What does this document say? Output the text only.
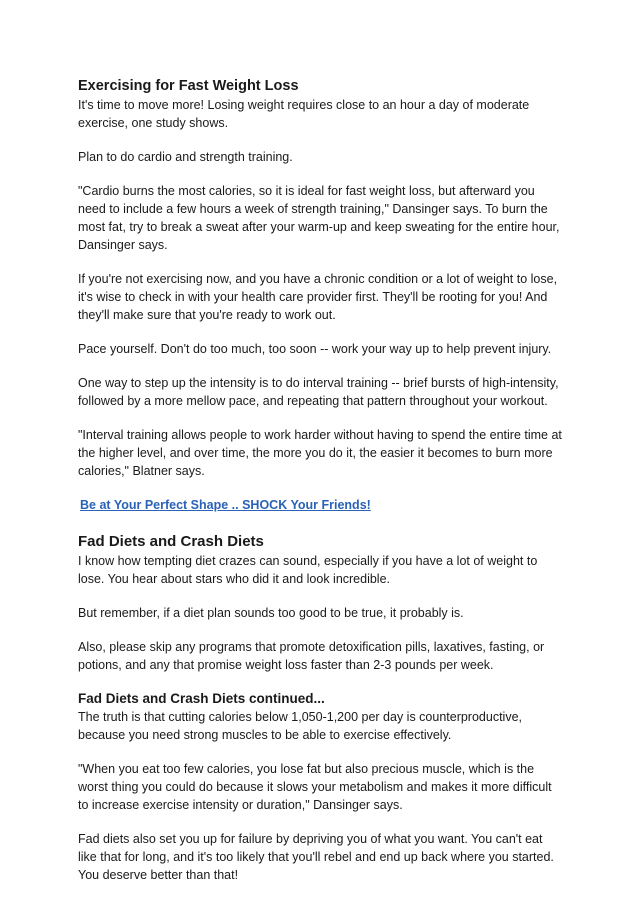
Exercising for Fast Weight Loss

It's time to move more! Losing weight requires close to an hour a day of moderate exercise, one study shows.

Plan to do cardio and strength training.

"Cardio burns the most calories, so it is ideal for fast weight loss, but afterward you need to include a few hours a week of strength training," Dansinger says. To burn the most fat, try to break a sweat after your warm-up and keep sweating for the entire hour, Dansinger says.

If you're not exercising now, and you have a chronic condition or a lot of weight to lose, it's wise to check in with your health care provider first. They'll be rooting for you! And they'll make sure that you're ready to work out.

Pace yourself. Don't do too much, too soon -- work your way up to help prevent injury.

One way to step up the intensity is to do interval training -- brief bursts of high-intensity, followed by a more mellow pace, and repeating that pattern throughout your workout.

"Interval training allows people to work harder without having to spend the entire time at the higher level, and over time, the more you do it, the easier it becomes to burn more calories," Blatner says.

Be at Your Perfect Shape .. SHOCK Your Friends!
Fad Diets and Crash Diets

I know how tempting diet crazes can sound, especially if you have a lot of weight to lose. You hear about stars who did it and look incredible.

But remember, if a diet plan sounds too good to be true, it probably is.

Also, please skip any programs that promote detoxification pills, laxatives, fasting, or potions, and any that promise weight loss faster than 2-3 pounds per week.

Fad Diets and Crash Diets continued...

The truth is that cutting calories below 1,050-1,200 per day is counterproductive, because you need strong muscles to be able to exercise effectively.

"When you eat too few calories, you lose fat but also precious muscle, which is the worst thing you could do because it slows your metabolism and makes it more difficult to increase exercise intensity or duration," Dansinger says.

Fad diets also set you up for failure by depriving you of what you want. You can't eat like that for long, and it's too likely that you'll rebel and end up back where you started. You deserve better than that!
